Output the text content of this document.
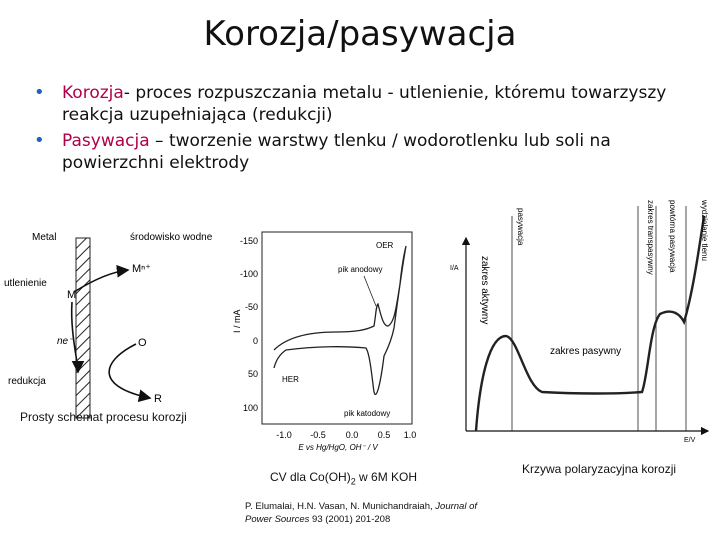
Korozja/pasywacja
• Korozja- proces rozpuszczania metalu - utlenienie, któremu towarzyszy reakcja uzupełniająca (redukcji)
• Pasywacja – tworzenie warstwy tlenku / wodorotlenku lub soli na powierzchni elektrody
Metal	środowisko wodne
utlenienie
redukcja
Mⁿ⁺
M
ne⁻	O
R
Prosty schemat procesu korozji
-150
-100
-50
0
50
100
I / mA
-1.0 -0.5 0.0 0.5 1.0
E vs Hg/HgO, OH⁻ / V
OER
pik anodowy
HER
pik katodowy
CV dla $Co(OH)_2$ w 6M KOH
P. Elumalai, H.N. Vasan, N. Munichandraiah, Journal of
Power Sources 93 (2001) 201-208
I/A
E/V
zakres aktywny
pasywacja	zakres transpasywny powtórna pasywacja	wydzielanie tlenu
zakres pasywny
Krzywa polaryzacyjna korozji
